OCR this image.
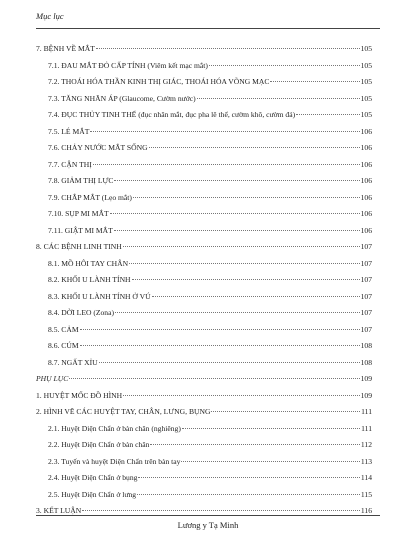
Mục lục
7. BỆNH VỀ MẮT	105
7.1. ĐAU MẮT ĐỎ CẤP TÍNH (Viêm kết mạc mắt)	105
7.2. THOÁI HÓA THẦN KINH THỊ GIÁC, THOÁI HÓA VÕNG MẠC	105
7.3. TĂNG NHÃN ÁP (Glaucome, Cườm nước)	105
7.4. ĐỤC THỦY TINH THỂ (đục nhân mắt, đục pha lê thể, cườm khô, cườm đá)	105
7.5. LÉ MẮT	106
7.6. CHẢY NƯỚC MẮT SỐNG	106
7.7. CẬN THỊ	106
7.8. GIẢM THỊ LỰC	106
7.9. CHẮP MẮT (Lẹo mắt)	106
7.10. SỤP MI MẮT	106
7.11. GIẬT MI MẮT	106
8. CÁC BỆNH LINH TINH	107
8.1. MỒ HÔI TAY CHÂN	107
8.2. KHỐI U LÀNH TÍNH	107
8.3. KHỐI U LÀNH TÍNH Ở VÚ	107
8.4. DỜI LEO (Zona)	107
8.5. CẢM	107
8.6. CÚM	108
8.7. NGẤT XỈU	108
PHỤ LỤC	109
1. HUYỆT MỐC ĐỒ HÌNH	109
2. HÌNH VẼ CÁC HUYỆT TAY, CHÂN, LƯNG, BỤNG	111
2.1. Huyệt Diện Chẩn ở bàn chân (nghiêng)	111
2.2. Huyệt Diện Chẩn ở bàn chân	112
2.3. Tuyến và huyệt Diện Chẩn trên bàn tay	113
2.4. Huyệt Diện Chẩn ở bụng	114
2.5. Huyệt Diện Chẩn ở lưng	115
3. KẾT LUẬN	116
Lương y Tạ Minh
